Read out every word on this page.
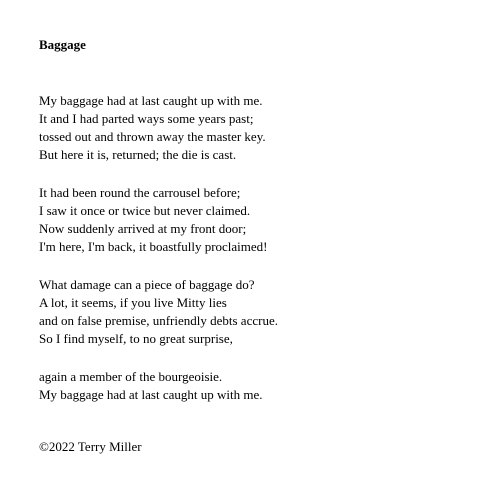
Baggage
My baggage had at last caught up with me.
It and I had parted ways some years past;
tossed out and thrown away the master key.
But here it is, returned; the die is cast.
It had been round the carrousel before;
I saw it once or twice but never claimed.
Now suddenly arrived at my front door;
I'm here, I'm back, it boastfully proclaimed!
What damage can a piece of baggage do?
A lot, it seems, if you live Mitty lies
and on false premise, unfriendly debts accrue.
So I find myself, to no great surprise,
again a member of the bourgeoisie.
My baggage had at last caught up with me.
©2022 Terry Miller
